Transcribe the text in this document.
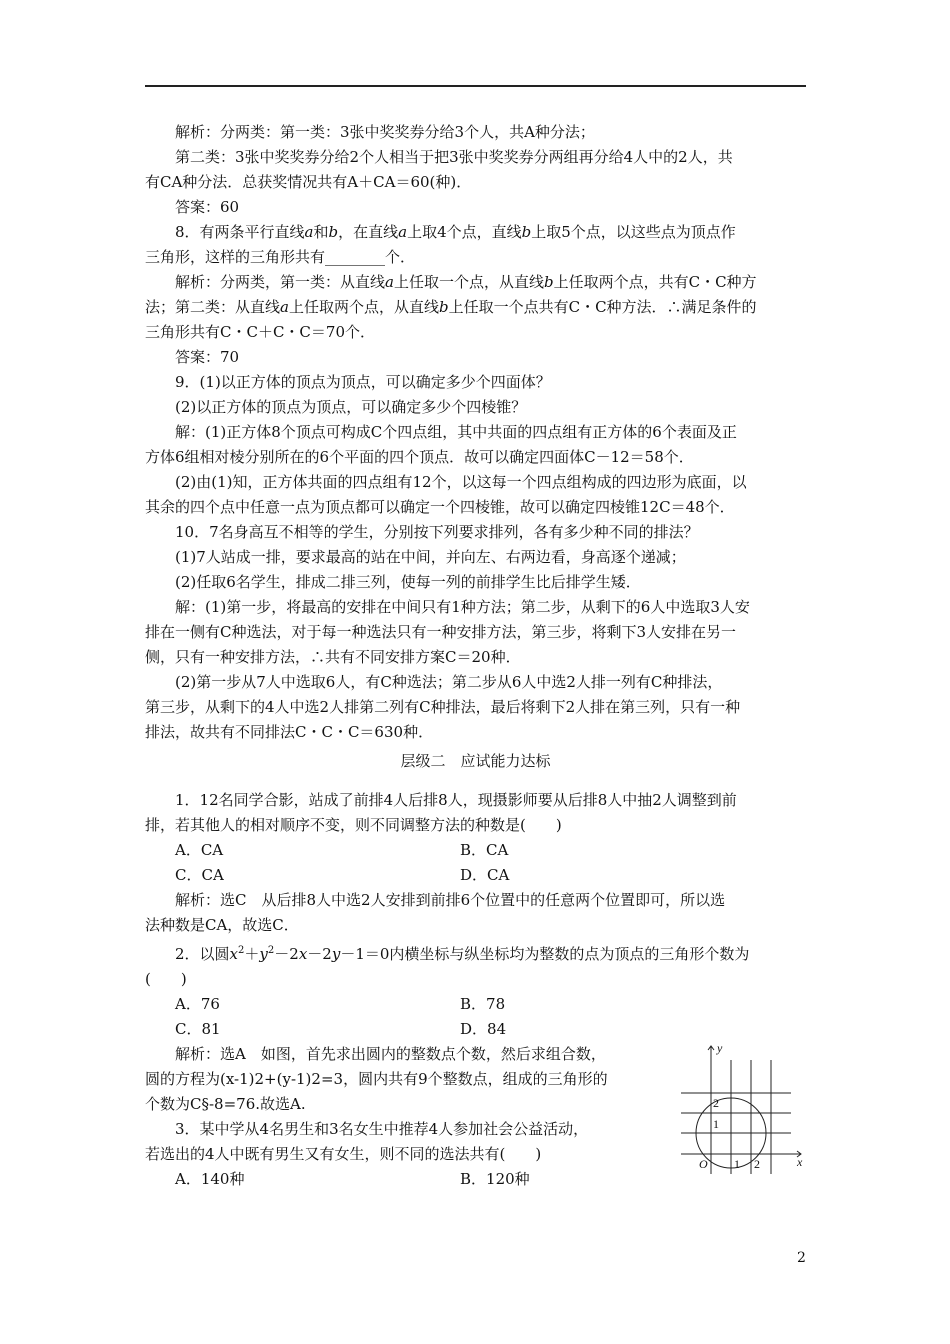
解析：分两类：第一类：3张中奖奖券分给3个人，共A种分法；

第二类：3张中奖奖券分给2个人相当于把3张中奖奖券分两组再分给4人中的2人，共

有CA种分法．总获奖情况共有A＋CA＝60(种)．

答案：60

8．有两条平行直线a和b，在直线a上取4个点，直线b上取5个点，以这些点为顶点作

三角形，这样的三角形共有________个．

解析：分两类，第一类：从直线a上任取一个点，从直线b上任取两个点，共有C・C种方

法；第二类：从直线a上任取两个点，从直线b上任取一个点共有C・C种方法．∴满足条件的

三角形共有C・C＋C・C＝70个．

答案：70

9．(1)以正方体的顶点为顶点，可以确定多少个四面体？

(2)以正方体的顶点为顶点，可以确定多少个四棱锥？

解：(1)正方体8个顶点可构成C个四点组，其中共面的四点组有正方体的6个表面及正

方体6组相对棱分别所在的6个平面的四个顶点．故可以确定四面体C－12＝58个．

(2)由(1)知，正方体共面的四点组有12个，以这每一个四点组构成的四边形为底面，以

其余的四个点中任意一点为顶点都可以确定一个四棱锥，故可以确定四棱锥12C＝48个．

10．7名身高互不相等的学生，分别按下列要求排列，各有多少种不同的排法？

(1)7人站成一排，要求最高的站在中间，并向左、右两边看，身高逐个递减；

(2)任取6名学生，排成二排三列，使每一列的前排学生比后排学生矮．

解：(1)第一步，将最高的安排在中间只有1种方法；第二步，从剩下的6人中选取3人安

排在一侧有C种选法，对于每一种选法只有一种安排方法，第三步，将剩下3人安排在另一

侧，只有一种安排方法，∴共有不同安排方案C＝20种．

(2)第一步从7人中选取6人，有C种选法；第二步从6人中选2人排一列有C种排法，

第三步，从剩下的4人中选2人排第二列有C种排法，最后将剩下2人排在第三列，只有一种

排法，故共有不同排法C・C・C＝630种．

层级二　应试能力达标

1．12名同学合影，站成了前排4人后排8人，现摄影师要从后排8人中抽2人调整到前

排，若其他人的相对顺序不变，则不同调整方法的种数是(　　)

A．CA	B．CA
C．CA	D．CA

解析：选C　从后排8人中选2人安排到前排6个位置中的任意两个位置即可，所以选

法种数是CA，故选C．

2．以圆$x^2+y^2-2x-2y-1=0$内横坐标与纵坐标均为整数的点为顶点的三角形个数为

(　　)

A．76	B．78
C．81	D．84

解析：选A　如图，首先求出圆内的整数点个数，然后求组合数，

圆的方程为(x-1)2+(y-1)2=3，圆内共有9个整数点，组成的三角形的

个数为C§-8=76.故选A.

3．某中学从4名男生和3名女生中推荐4人参加社会公益活动，

若选出的4人中既有男生又有女生，则不同的选法共有(　　)

y
x
O
1
2
1 2
A．140种	B．120种
2
